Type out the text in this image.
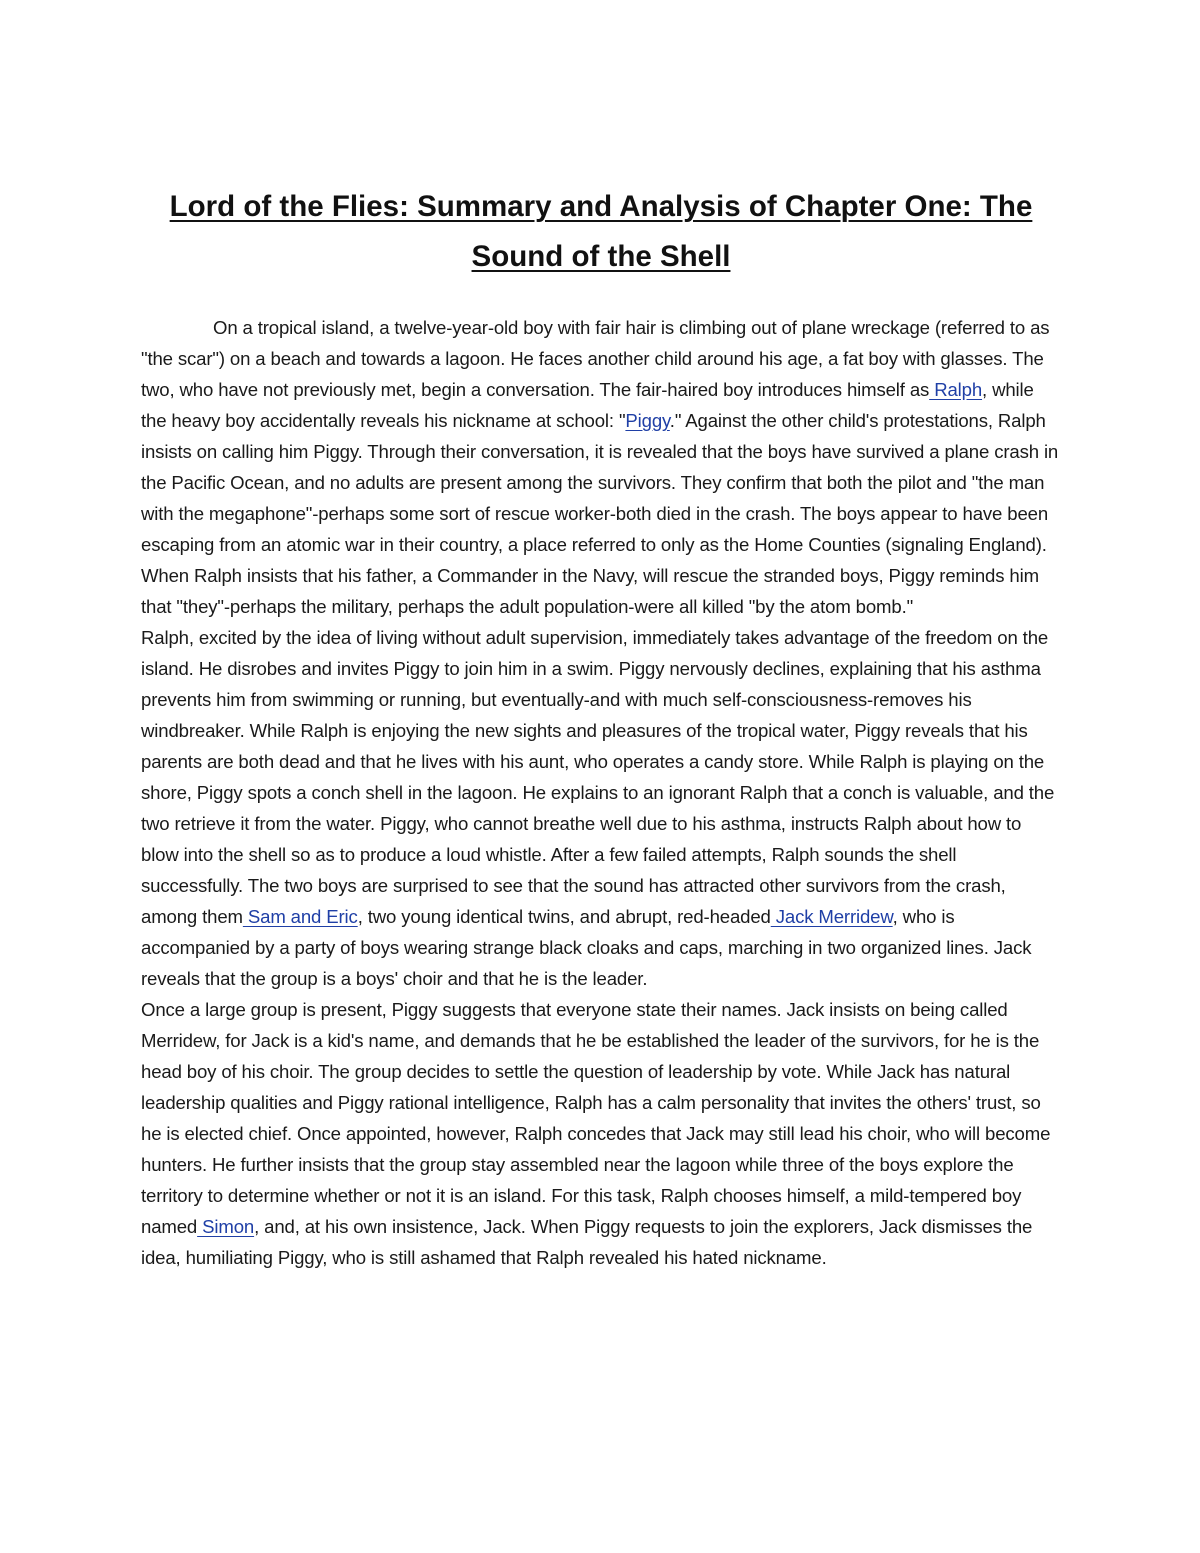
Lord of the Flies: Summary and Analysis of Chapter One: The Sound of the Shell

On a tropical island, a twelve-year-old boy with fair hair is climbing out of plane wreckage (referred to as "the scar") on a beach and towards a lagoon. He faces another child around his age, a fat boy with glasses. The two, who have not previously met, begin a conversation. The fair-haired boy introduces himself as Ralph, while the heavy boy accidentally reveals his nickname at school: "Piggy." Against the other child's protestations, Ralph insists on calling him Piggy. Through their conversation, it is revealed that the boys have survived a plane crash in the Pacific Ocean, and no adults are present among the survivors. They confirm that both the pilot and "the man with the megaphone"-perhaps some sort of rescue worker-both died in the crash. The boys appear to have been escaping from an atomic war in their country, a place referred to only as the Home Counties (signaling England). When Ralph insists that his father, a Commander in the Navy, will rescue the stranded boys, Piggy reminds him that "they"-perhaps the military, perhaps the adult population-were all killed "by the atom bomb."

Ralph, excited by the idea of living without adult supervision, immediately takes advantage of the freedom on the island. He disrobes and invites Piggy to join him in a swim. Piggy nervously declines, explaining that his asthma prevents him from swimming or running, but eventually-and with much self-consciousness-removes his windbreaker. While Ralph is enjoying the new sights and pleasures of the tropical water, Piggy reveals that his parents are both dead and that he lives with his aunt, who operates a candy store. While Ralph is playing on the shore, Piggy spots a conch shell in the lagoon. He explains to an ignorant Ralph that a conch is valuable, and the two retrieve it from the water. Piggy, who cannot breathe well due to his asthma, instructs Ralph about how to blow into the shell so as to produce a loud whistle. After a few failed attempts, Ralph sounds the shell successfully. The two boys are surprised to see that the sound has attracted other survivors from the crash, among them Sam and Eric, two young identical twins, and abrupt, red-headed Jack Merridew, who is accompanied by a party of boys wearing strange black cloaks and caps, marching in two organized lines. Jack reveals that the group is a boys' choir and that he is the leader.

Once a large group is present, Piggy suggests that everyone state their names. Jack insists on being called Merridew, for Jack is a kid's name, and demands that he be established the leader of the survivors, for he is the head boy of his choir. The group decides to settle the question of leadership by vote. While Jack has natural leadership qualities and Piggy rational intelligence, Ralph has a calm personality that invites the others' trust, so he is elected chief. Once appointed, however, Ralph concedes that Jack may still lead his choir, who will become hunters. He further insists that the group stay assembled near the lagoon while three of the boys explore the territory to determine whether or not it is an island. For this task, Ralph chooses himself, a mild-tempered boy named Simon, and, at his own insistence, Jack. When Piggy requests to join the explorers, Jack dismisses the idea, humiliating Piggy, who is still ashamed that Ralph revealed his hated nickname.
